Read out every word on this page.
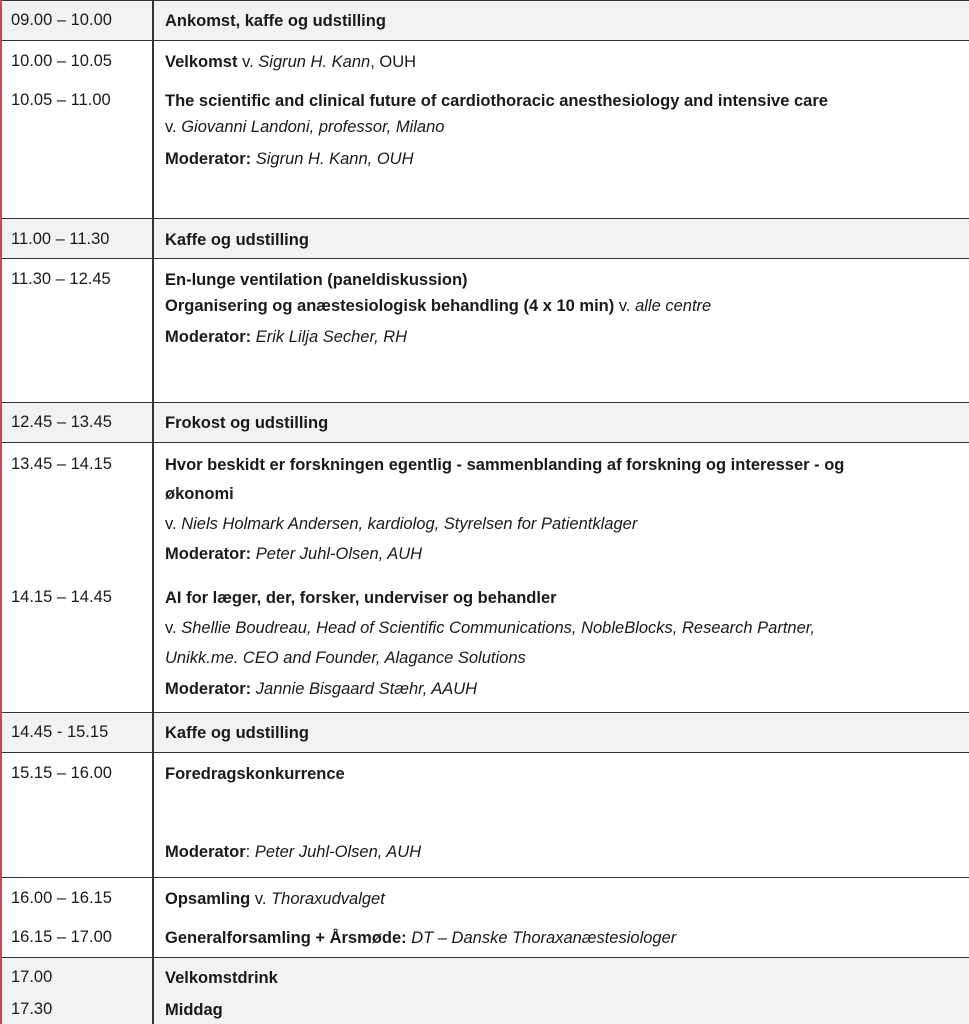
09.00 – 10.00	Ankomst, kaffe og udstilling
10.00 – 10.05	Velkomst v. Sigrun H. Kann, OUH
10.05 – 11.00	The scientific and clinical future of cardiothoracic anesthesiology and intensive care
v. Giovanni Landoni, professor, Milano
Moderator: Sigrun H. Kann, OUH
11.00 – 11.30	Kaffe og udstilling
11.30 – 12.45	En-lunge ventilation (paneldiskussion)
Organisering og anæstesiologisk behandling (4 x 10 min) v. alle centre
Moderator: Erik Lilja Secher, RH
12.45 – 13.45	Frokost og udstilling
13.45 – 14.15	Hvor beskidt er forskningen egentlig - sammenblanding af forskning og interesser - og
økonomi
v. Niels Holmark Andersen, kardiolog, Styrelsen for Patientklager
Moderator: Peter Juhl-Olsen, AUH
14.15 – 14.45	AI for læger, der, forsker, underviser og behandler
v. Shellie Boudreau, Head of Scientific Communications, NobleBlocks, Research Partner,
Unikk.me. CEO and Founder, Alagance Solutions
Moderator: Jannie Bisgaard Stæhr, AAUH
14.45 - 15.15	Kaffe og udstilling
15.15 – 16.00	Foredragskonkurrence
Moderator: Peter Juhl-Olsen, AUH
16.00 – 16.15	Opsamling v. Thoraxudvalget
16.15 – 17.00	Generalforsamling + Årsmøde: DT – Danske Thoraxanæstesiologer
17.00	Velkomstdrink
17.30	Middag
